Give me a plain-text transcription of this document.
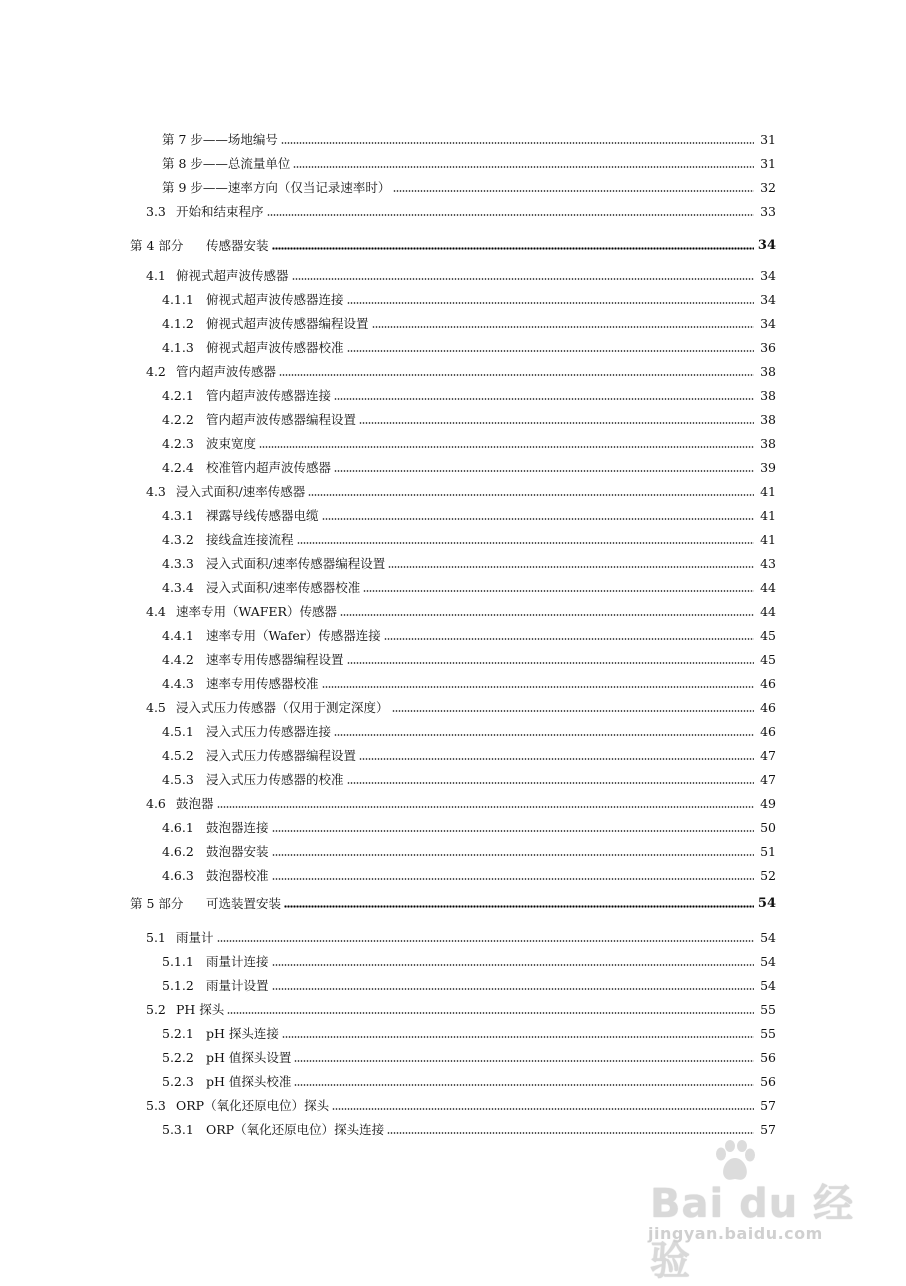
第 7 步——场地编号	31
第 8 步——总流量单位	31
第 9 步——速率方向（仅当记录速率时）	32
3.3 开始和结束程序	33
第 4 部分	传感器安装	34
4.1 俯视式超声波传感器	34
4.1.1 俯视式超声波传感器连接	34
4.1.2 俯视式超声波传感器编程设置	34
4.1.3 俯视式超声波传感器校准	36
4.2 管内超声波传感器	38
4.2.1 管内超声波传感器连接	38
4.2.2 管内超声波传感器编程设置	38
4.2.3 波束宽度	38
4.2.4 校准管内超声波传感器	39
4.3 浸入式面积/速率传感器	41
4.3.1 裸露导线传感器电缆	41
4.3.2 接线盒连接流程	41
4.3.3 浸入式面积/速率传感器编程设置	43
4.3.4 浸入式面积/速率传感器校准	44
4.4 速率专用（WAFER）传感器	44
4.4.1 速率专用（Wafer）传感器连接	45
4.4.2 速率专用传感器编程设置	45
4.4.3 速率专用传感器校准	46
4.5 浸入式压力传感器（仅用于测定深度）	46
4.5.1 浸入式压力传感器连接	46
4.5.2 浸入式压力传感器编程设置	47
4.5.3 浸入式压力传感器的校准	47
4.6 鼓泡器	49
4.6.1 鼓泡器连接	50
4.6.2 鼓泡器安装	51
4.6.3 鼓泡器校准	52
第 5 部分	可选装置安装	54
5.1 雨量计	54
5.1.1 雨量计连接	54
5.1.2 雨量计设置	54
5.2 PH 探头	55
5.2.1 pH 探头连接	55
5.2.2 pH 值探头设置	56
5.2.3 pH 值探头校准	56
5.3 ORP（氧化还原电位）探头	57
5.3.1 ORP（氧化还原电位）探头连接	57
Bai du 经验
jingyan.baidu.com
